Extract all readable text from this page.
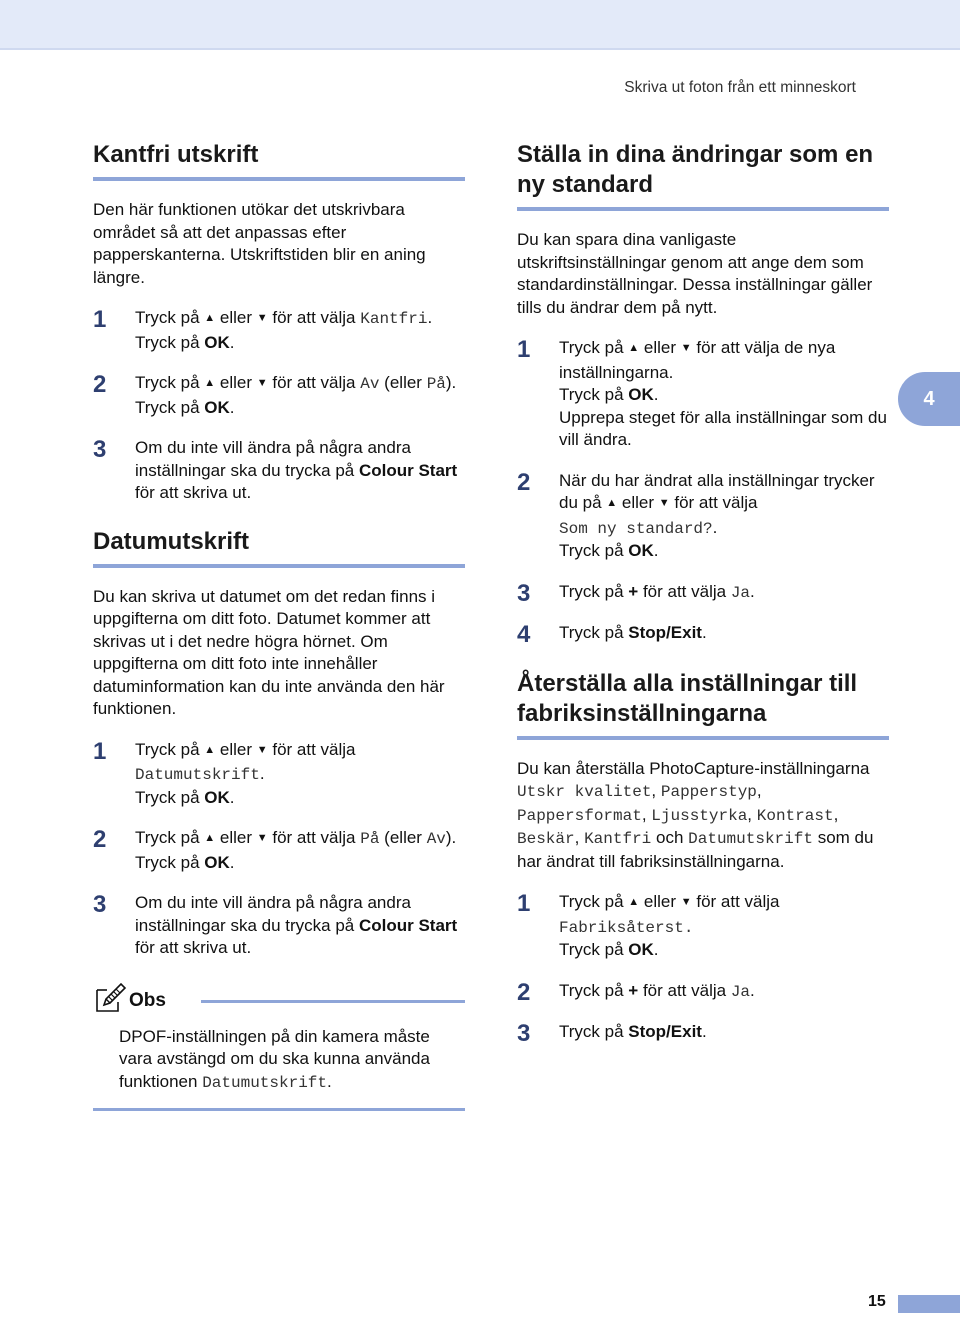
Skriva ut foton från ett minneskort
Kantfri utskrift

Den här funktionen utökar det utskrivbara området så att det anpassas efter papperskanterna. Utskriftstiden blir en aning längre.

1	Tryck på ▲ eller ▼ för att välja Kantfri.
Tryck på OK.
2	Tryck på ▲ eller ▼ för att välja Av (eller På).
Tryck på OK.
3	Om du inte vill ändra på några andra inställningar ska du trycka på Colour Start för att skriva ut.
Datumutskrift

Du kan skriva ut datumet om det redan finns i uppgifterna om ditt foto. Datumet kommer att skrivas ut i det nedre högra hörnet. Om uppgifterna om ditt foto inte innehåller datuminformation kan du inte använda den här funktionen.

1	Tryck på ▲ eller ▼ för att välja
Datumutskrift.
Tryck på OK.
2	Tryck på ▲ eller ▼ för att välja På (eller Av).
Tryck på OK.
3	Om du inte vill ändra på några andra inställningar ska du trycka på Colour Start för att skriva ut.
Obs

DPOF-inställningen på din kamera måste vara avstängd om du ska kunna använda funktionen Datumutskrift.

Ställa in dina ändringar som en ny standard

Du kan spara dina vanligaste utskriftsinställningar genom att ange dem som standardinställningar. Dessa inställningar gäller tills du ändrar dem på nytt.

1	Tryck på ▲ eller ▼ för att välja de nya inställningarna.
Tryck på OK.
Upprepa steget för alla inställningar som du vill ändra.
2	När du har ändrat alla inställningar trycker du på ▲ eller ▼ för att välja
Som ny standard?.
Tryck på OK.
3	Tryck på + för att välja Ja.
4	Tryck på Stop/Exit.
Återställa alla inställningar till fabriksinställningarna

Du kan återställa PhotoCapture-inställningarna Utskr kvalitet, Papperstyp, Pappersformat, Ljusstyrka, Kontrast, Beskär, Kantfri och Datumutskrift som du har ändrat till fabriksinställningarna.

1	Tryck på ▲ eller ▼ för att välja
Fabriksåterst.
Tryck på OK.
2	Tryck på + för att välja Ja.
3	Tryck på Stop/Exit.
4
15
